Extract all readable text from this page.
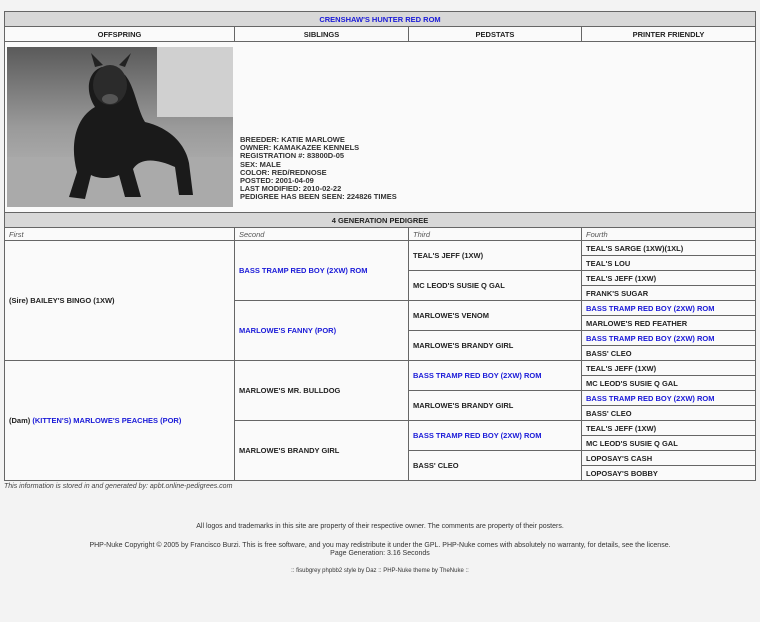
CRENSHAW'S HUNTER RED ROM			
OFFSPRING	SIBLINGS	PEDSTATS	PRINTER FRIENDLY

4 GENERATION PEDIGREE			
First	Second	Third	Fourth
(Sire) BAILEY'S BINGO (1XW)	BASS TRAMP RED BOY (2XW) ROM	TEAL'S JEFF (1XW)	TEAL'S SARGE (1XW)(1XL)
			TEAL'S LOU
		MC LEOD'S SUSIE Q GAL	TEAL'S JEFF (1XW)
			FRANK'S SUGAR
	MARLOWE'S FANNY (POR)	MARLOWE'S VENOM	BASS TRAMP RED BOY (2XW) ROM
			MARLOWE'S RED FEATHER
		MARLOWE'S BRANDY GIRL	BASS TRAMP RED BOY (2XW) ROM
			BASS' CLEO
(Dam) (KITTEN'S) MARLOWE'S PEACHES (POR)	MARLOWE'S MR. BULLDOG	BASS TRAMP RED BOY (2XW) ROM	TEAL'S JEFF (1XW)
			MC LEOD'S SUSIE Q GAL
		MARLOWE'S BRANDY GIRL	BASS TRAMP RED BOY (2XW) ROM
			BASS' CLEO
	MARLOWE'S BRANDY GIRL	BASS TRAMP RED BOY (2XW) ROM	TEAL'S JEFF (1XW)
			MC LEOD'S SUSIE Q GAL
		BASS' CLEO	LOPOSAY'S CASH
			LOPOSAY'S BOBBY
This information is stored in and generated by: apbt.online-pedigrees.com
BREEDER: KATIE MARLOWE
OWNER: KAMAKAZEE KENNELS
REGISTRATION #: 83800D-05
SEX: MALE
COLOR: RED/REDNOSE
POSTED: 2001-04-09
LAST MODIFIED: 2010-02-22
PEDIGREE HAS BEEN SEEN: 224826 TIMES
All logos and trademarks in this site are property of their respective owner. The comments are property of their posters.
PHP-Nuke Copyright © 2005 by Francisco Burzi. This is free software, and you may redistribute it under the GPL. PHP-Nuke comes with absolutely no warranty, for details, see the license.
Page Generation: 3.16 Seconds
:: fisubgrey phpbb2 style by Daz :: PHP-Nuke theme by TheNuke ::
